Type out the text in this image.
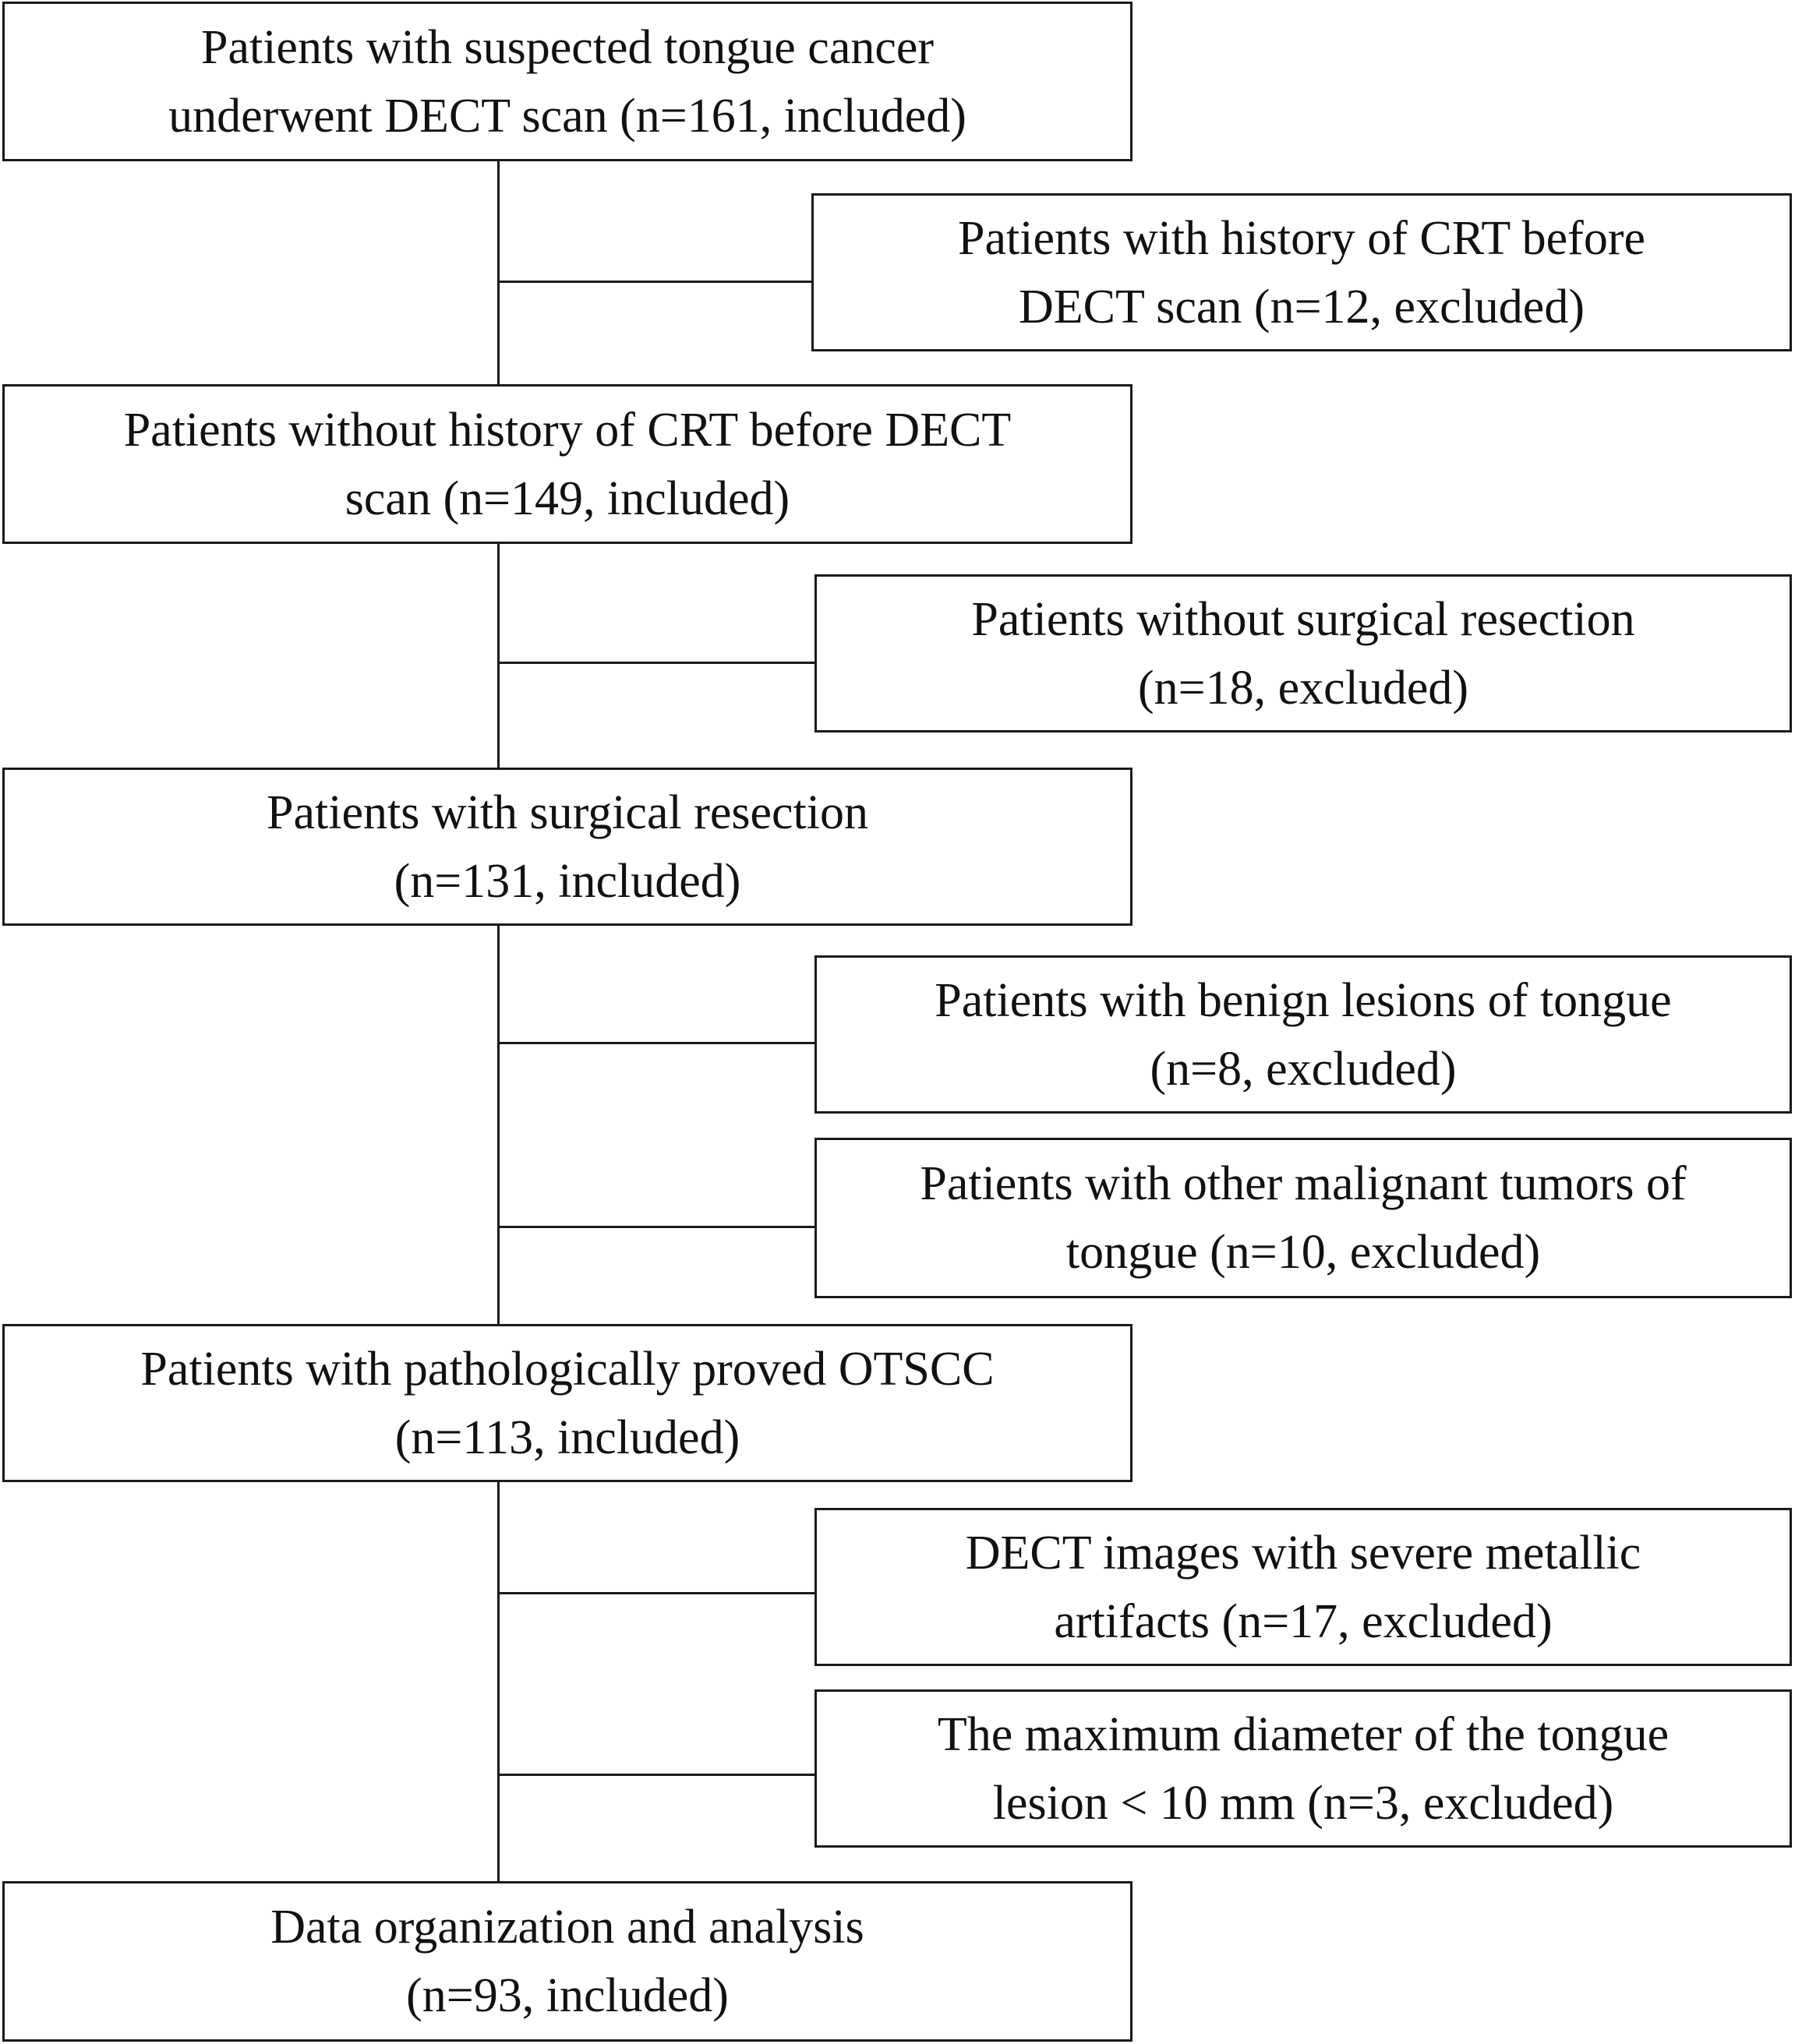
Patients with suspected tongue cancer
underwent DECT scan (n=161, included)
Patients without history of CRT before DECT
scan (n=149, included)
Patients with surgical resection
(n=131, included)
Patients with pathologically proved OTSCC
(n=113, included)
Data organization and analysis
(n=93, included)
Patients with history of CRT before
DECT scan (n=12, excluded)
Patients without surgical resection
(n=18, excluded)
Patients with benign lesions of tongue
(n=8, excluded)
Patients with other malignant tumors of
tongue (n=10, excluded)
DECT images with severe metallic
artifacts (n=17, excluded)
The maximum diameter of the tongue
lesion < 10 mm (n=3, excluded)
